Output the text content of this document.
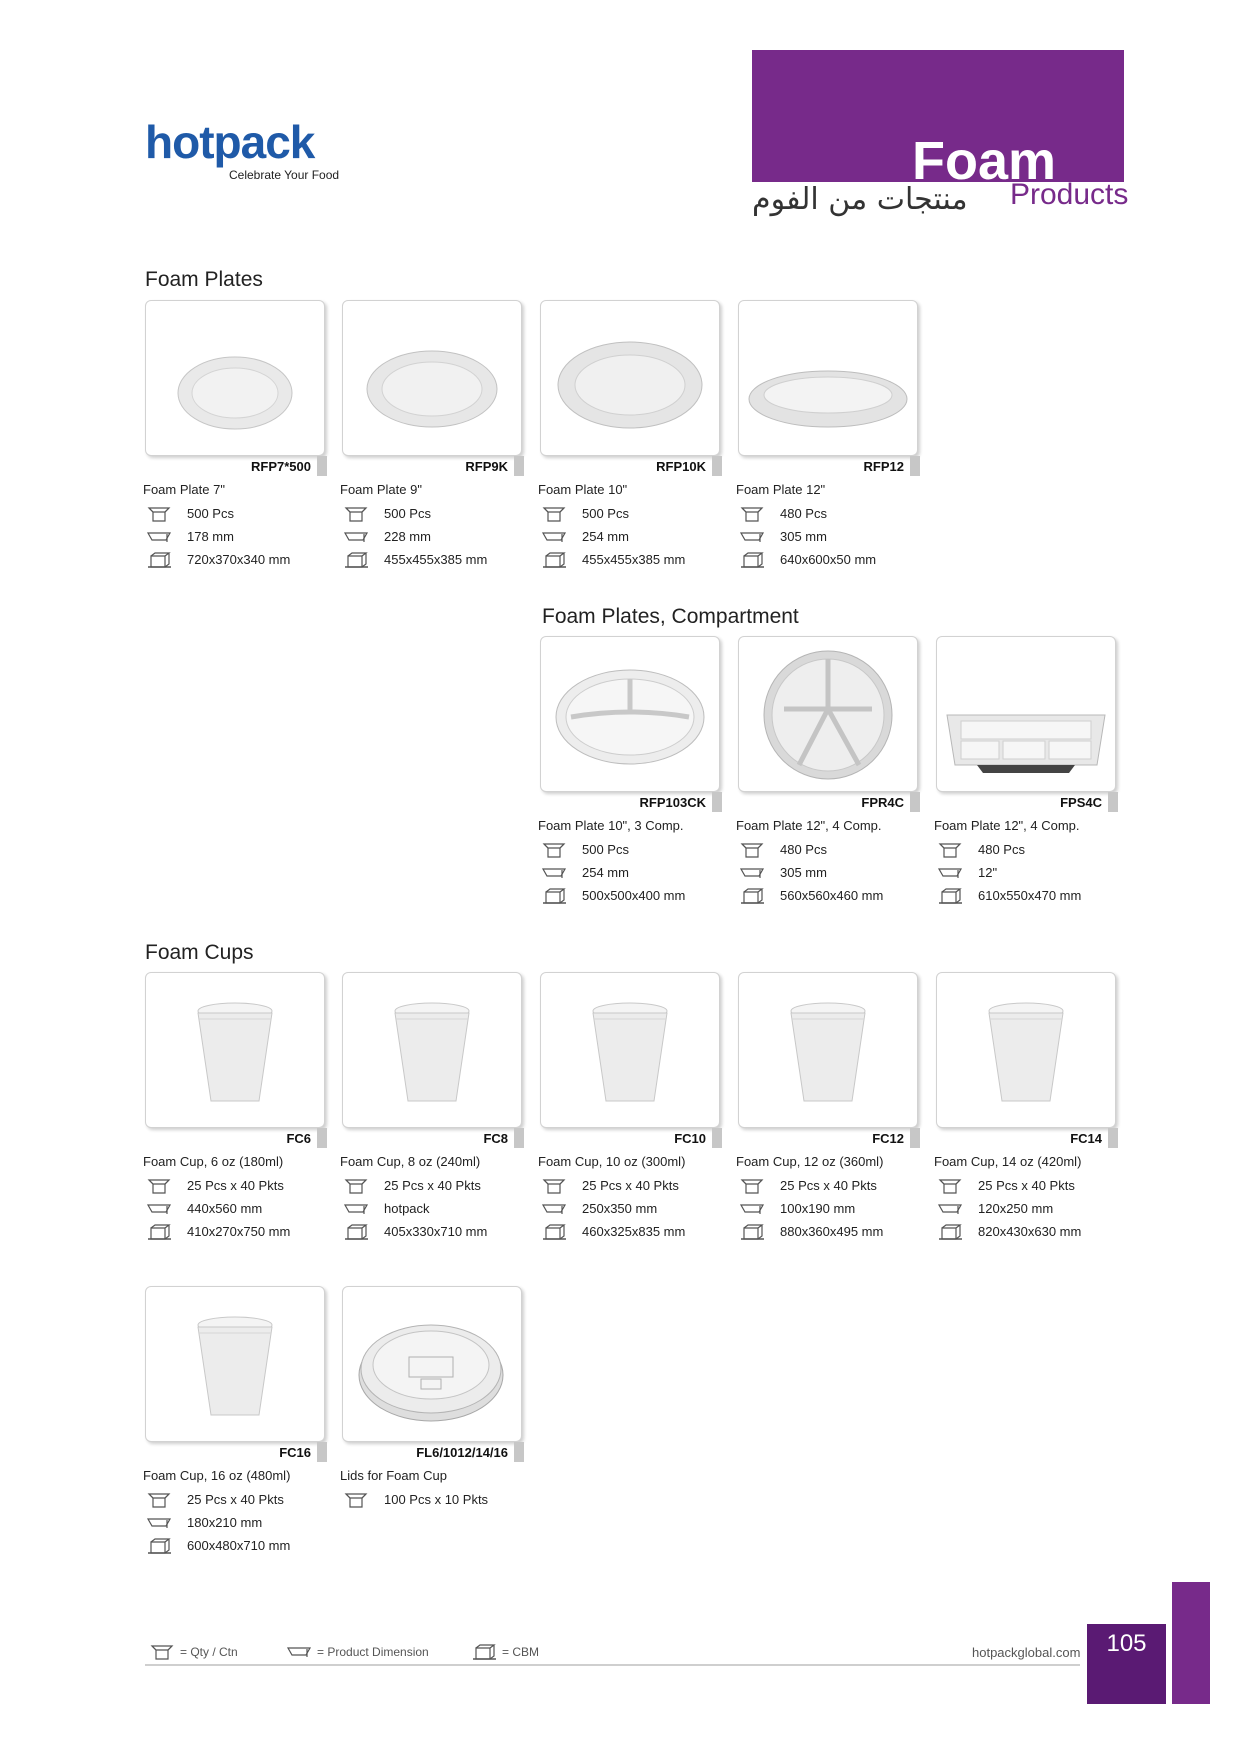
hotpack
Celebrate Your Food	Foam
Products
منتجات من الفوم
Foam Plates
Foam Plates, Compartment
Foam Cups
RFP7*500
Foam Plate 7"
500 Pcs
178 mm
720x370x340 mm
RFP9K
Foam Plate 9"
500 Pcs
228 mm
455x455x385 mm
RFP10K
Foam Plate 10"
500 Pcs
254 mm
455x455x385 mm
RFP12
Foam Plate 12"
480 Pcs
305 mm
640x600x50 mm
RFP103CK
Foam Plate 10", 3 Comp.
500 Pcs
254 mm
500x500x400 mm
FPR4C
Foam Plate 12", 4 Comp.
480 Pcs
305 mm
560x560x460 mm
FPS4C
Foam Plate 12", 4 Comp.
480 Pcs
12"
610x550x470 mm
FC6
Foam Cup, 6 oz (180ml)
25 Pcs x 40 Pkts
440x560 mm
410x270x750 mm
FC8
Foam Cup, 8 oz (240ml)
25 Pcs x 40 Pkts
hotpack
405x330x710 mm
FC10
Foam Cup, 10 oz (300ml)
25 Pcs x 40 Pkts
250x350 mm
460x325x835 mm
FC12
Foam Cup, 12 oz (360ml)
25 Pcs x 40 Pkts
100x190 mm
880x360x495 mm
FC14
Foam Cup, 14 oz (420ml)
25 Pcs x 40 Pkts
120x250 mm
820x430x630 mm
FC16
Foam Cup, 16 oz (480ml)
25 Pcs x 40 Pkts
180x210 mm
600x480x710 mm
FL6/1012/14/16
Lids for Foam Cup
100 Pcs x 10 Pkts
= Qty / Ctn	= Product Dimension	= CBM	hotpackglobal.com	105
